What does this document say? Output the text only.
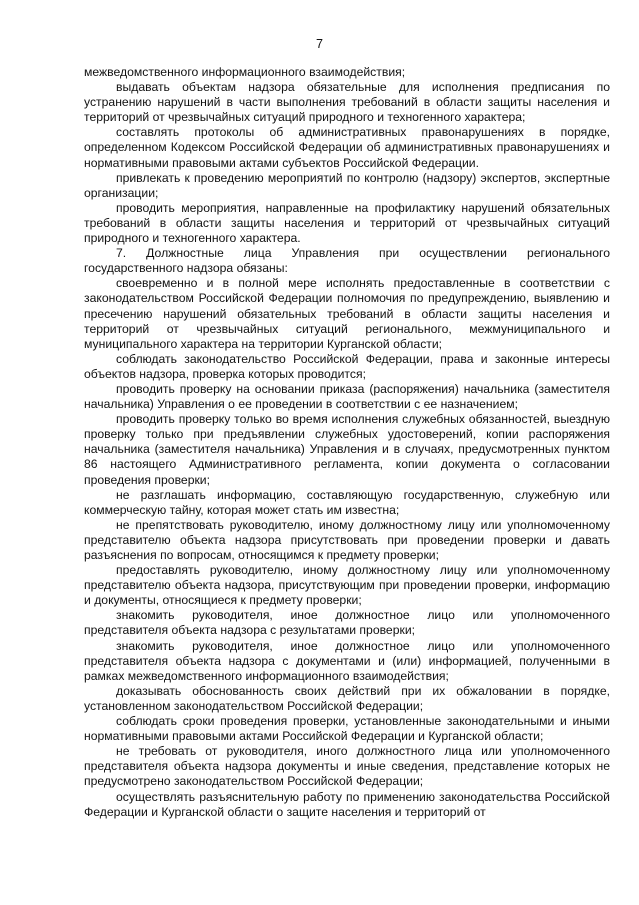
7

межведомственного информационного взаимодействия;

выдавать объектам надзора обязательные для исполнения предписания по устранению нарушений в части выполнения требований в области защиты населения и территорий от чрезвычайных ситуаций природного и техногенного характера;

составлять протоколы об административных правонарушениях в порядке, определенном Кодексом Российской Федерации об административных правонарушениях и нормативными правовыми актами субъектов Российской Федерации.

привлекать к проведению мероприятий по контролю (надзору) экспертов, экспертные организации;

проводить мероприятия, направленные на профилактику нарушений обязательных требований в области защиты населения и территорий от чрезвычайных ситуаций природного и техногенного характера.

7. Должностные лица Управления при осуществлении регионального государственного надзора обязаны:

своевременно и в полной мере исполнять предоставленные в соответствии с законодательством Российской Федерации полномочия по предупреждению, выявлению и пресечению нарушений обязательных требований в области защиты населения и территорий от чрезвычайных ситуаций регионального, межмуниципального и муниципального характера на территории Курганской области;

соблюдать законодательство Российской Федерации, права и законные интересы объектов надзора, проверка которых проводится;

проводить проверку на основании приказа (распоряжения) начальника (заместителя начальника) Управления о ее проведении в соответствии с ее назначением;

проводить проверку только во время исполнения служебных обязанностей, выездную проверку только при предъявлении служебных удостоверений, копии распоряжения начальника (заместителя начальника) Управления и в случаях, предусмотренных пунктом 86 настоящего Административного регламента, копии документа о согласовании проведения проверки;

не разглашать информацию, составляющую государственную, служебную или коммерческую тайну, которая может стать им известна;

не препятствовать руководителю, иному должностному лицу или уполномоченному представителю объекта надзора присутствовать при проведении проверки и давать разъяснения по вопросам, относящимся к предмету проверки;

предоставлять руководителю, иному должностному лицу или уполномоченному представителю объекта надзора, присутствующим при проведении проверки, информацию и документы, относящиеся к предмету проверки;

знакомить руководителя, иное должностное лицо или уполномоченного представителя объекта надзора с результатами проверки;

знакомить руководителя, иное должностное лицо или уполномоченного представителя объекта надзора с документами и (или) информацией, полученными в рамках межведомственного информационного взаимодействия;

доказывать обоснованность своих действий при их обжаловании в порядке, установленном законодательством Российской Федерации;

соблюдать сроки проведения проверки, установленные законодательными и иными нормативными правовыми актами Российской Федерации и Курганской области;

не требовать от руководителя, иного должностного лица или уполномоченного представителя объекта надзора документы и иные сведения, представление которых не предусмотрено законодательством Российской Федерации;

осуществлять разъяснительную работу по применению законодательства Российской Федерации и Курганской области о защите населения и территорий от
